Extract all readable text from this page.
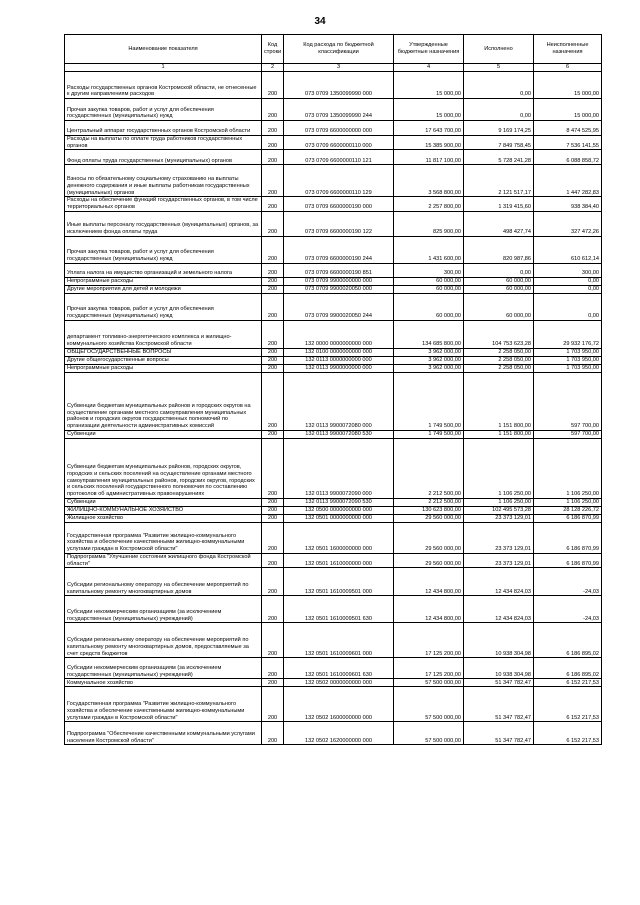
34
Наименование показателя	Код строки	Код расхода по бюджетной классификации	Утвержденные бюджетные назначения	Исполнено	Неисполненные назначения
1	2	3	4	5	6
Расходы государственных органов Костромской области, не отнесенные к другим направлениям расходов	200	073 0709 1350099990 000	15 000,00	0,00	15 000,00
Прочая закупка товаров, работ и услуг для обеспечения государственных (муниципальных) нужд	200	073 0709 1350099990 244	15 000,00	0,00	15 000,00
Центральный аппарат государственных органов Костромской области	200	073 0709 6600000000 000	17 643 700,00	9 169 174,25	8 474 525,95
Расходы на выплаты по оплате труда работников государственных органов	200	073 0709 6600000110 000	15 385 900,00	7 849 758,45	7 536 141,55
Фонд оплаты труда государственных (муниципальных) органов	200	073 0709 6600000110 121	11 817 100,00	5 728 241,28	6 088 858,72
Взносы по обязательному социальному страхованию на выплаты денежного содержания и иные выплаты работникам государственных (муниципальных) органов	200	073 0709 6600000110 129	3 568 800,00	2 121 517,17	1 447 282,83
Расходы на обеспечение функций государственных органов, в том числе территориальных органов	200	073 0709 6600000190 000	2 257 800,00	1 319 415,60	938 384,40
Иные выплаты персоналу государственных (муниципальных) органов, за исключением фонда оплаты труда	200	073 0709 6600000190 122	825 900,00	498 427,74	327 472,26
Прочая закупка товаров, работ и услуг для обеспечения государственных (муниципальных) нужд	200	073 0709 6600000190 244	1 431 600,00	820 987,86	610 612,14
Уплата налога на имущество организаций и земельного налога	200	073 0709 6600000190 851	300,00	0,00	300,00
Непрограммные расходы	200	073 0709 9900000000 000	60 000,00	60 000,00	0,00
Другие мероприятия для детей и молодежи	200	073 0709 9900020050 000	60 000,00	60 000,00	0,00
Прочая закупка товаров, работ и услуг для обеспечения государственных (муниципальных) нужд	200	073 0709 9900020050 244	60 000,00	60 000,00	0,00
департамент топливно-энергетического комплекса и жилищно-коммунального хозяйства Костромской области	200	132 0000 0000000000 000	134 685 800,00	104 753 623,28	29 932 176,72
ОБЩЕГОСУДАРСТВЕННЫЕ ВОПРОСЫ	200	132 0100 0000000000 000	3 962 000,00	2 258 050,00	1 703 950,00
Другие общегосударственные вопросы	200	132 0113 0000000000 000	3 962 000,00	2 258 050,00	1 703 950,00
Непрограммные расходы	200	132 0113 9900000000 000	3 962 000,00	2 258 050,00	1 703 950,00
Субвенции бюджетам муниципальных районов и городских округов на осуществление органами местного самоуправления муниципальных районов и городских округов государственных полномочий по организации деятельности административных комиссий	200	132 0113 9900072080 000	1 749 500,00	1 151 800,00	597 700,00
Субвенции	200	132 0113 9900072080 530	1 749 500,00	1 151 800,00	597 700,00
Субвенции бюджетам муниципальных районов, городских округов, городских и сельских поселений на осуществление органами местного самоуправления муниципальных районов, городских округов, городских и сельских поселений государственного полномочия по составлению протоколов об административных правонарушениях	200	132 0113 9900072090 000	2 212 500,00	1 106 250,00	1 106 250,00
Субвенции	200	132 0113 9900072090 530	2 212 500,00	1 106 250,00	1 106 250,00
ЖИЛИЩНО-КОММУНАЛЬНОЕ ХОЗЯЙСТВО	200	132 0500 0000000000 000	130 623 800,00	102 495 573,28	28 128 226,72
Жилищное хозяйство	200	132 0501 0000000000 000	29 560 000,00	23 373 129,01	6 186 870,99
Государственная программа "Развитие жилищно-коммунального хозяйства и обеспечение качественными жилищно-коммунальными услугами граждан в Костромской области"	200	132 0501 1600000000 000	29 560 000,00	23 373 129,01	6 186 870,99
Подпрограмма "Улучшение состояния жилищного фонда Костромской области"	200	132 0501 1610000000 000	29 560 000,00	23 373 129,01	6 186 870,99
Субсидии региональному оператору на обеспечение мероприятий по капитальному ремонту многоквартирных домов	200	132 0501 1610009501 000	12 434 800,00	12 434 824,03	-24,03
Субсидии некоммерческим организациям (за исключением государственных (муниципальных) учреждений)	200	132 0501 1610009501 630	12 434 800,00	12 434 824,03	-24,03
Субсидии региональному оператору на обеспечение мероприятий по капитальному ремонту многоквартирных домов, предоставляемые за счет средств бюджетов	200	132 0501 1610009601 000	17 125 200,00	10 938 304,98	6 186 895,02
Субсидии некоммерческим организациям (за исключением государственных (муниципальных) учреждений)	200	132 0501 1610009601 630	17 125 200,00	10 938 304,98	6 186 895,02
Коммунальное хозяйство	200	132 0502 0000000000 000	57 500 000,00	51 347 782,47	6 152 217,53
Государственная программа "Развитие жилищно-коммунального хозяйства и обеспечение качественными жилищно-коммунальными услугами граждан в Костромской области"	200	132 0502 1600000000 000	57 500 000,00	51 347 782,47	6 152 217,53
Подпрограмма "Обеспечение качественными коммунальными услугами населения Костромской области"	200	132 0502 1620000000 000	57 500 000,00	51 347 782,47	6 152 217,53
